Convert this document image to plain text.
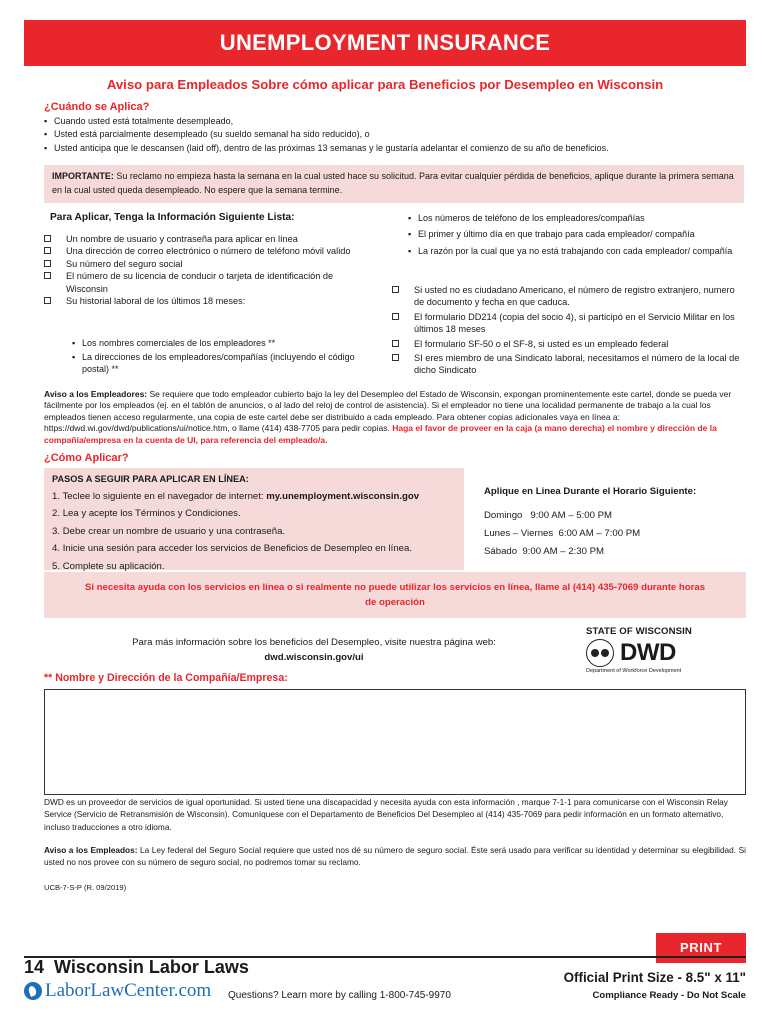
UNEMPLOYMENT INSURANCE
Aviso para Empleados Sobre cómo aplicar para Beneficios por Desempleo en Wisconsin
¿Cuándo se Aplica?
▪ Cuando usted está totalmente desempleado,
▪ Usted está parcialmente desempleado (su sueldo semanal ha sido reducido), o
▪ Usted anticipa que le descansen (laid off), dentro de las próximas 13 semanas y le gustaría adelantar el comienzo de su año de beneficios.
IMPORTANTE: Su reclamo no empieza hasta la semana en la cual usted hace su solicitud. Para evitar cualquier pérdida de beneficios, aplique durante la primera semana en la cual usted queda desempleado. No espere que la semana termine.
Para Aplicar, Tenga la Información Siguiente Lista:
Un nombre de usuario y contraseña para aplicar en línea
Una dirección de correo electrónico o número de teléfono móvil valido
Su número del seguro social
El número de su licencia de conducir o tarjeta de identificación de Wisconsin
Su historial laboral de los últimos 18 meses:
▪ Los nombres comerciales de los empleadores **
▪ La direcciones de los empleadores/compañías (incluyendo el código postal) **
▪ Los números de teléfono de los empleadores/compañías
▪ El primer y último día en que trabajo para cada empleador/ compañía
▪ La razón por la cual que ya no está trabajando con cada empleador/ compañía
Si usted no es ciudadano Americano, el número de registro extranjero, numero de documento y fecha en que caduca.
El formulario DD214 (copia del socio 4), si participó en el Servicio Militar en los últimos 18 meses
El formulario SF-50 o el SF-8, si usted es un empleado federal
SI eres miembro de una Sindicato laboral, necesitamos el número de la local de dicho Sindicato
Aviso a los Empleadores: Se requiere que todo empleador cubierto bajo la ley del Desempleo del Estado de Wisconsin, expongan prominentemente este cartel, donde se pueda ver fácilmente por los empleados (ej. en el tablón de anuncios, o al lado del reloj de control de asistencia). Si el empleador no tiene una localidad permanente de trabajo a la cual los empleados tienen acceso regularmente, una copia de este cartel debe ser distribuido a cada empleado. Para obtener copias adicionales vaya en línea a: https://dwd.wi.gov/dwd/publications/ui/notice.htm, o llame (414) 438-7705 para pedir copias. Haga el favor de proveer en la caja (a mano derecha) el nombre y dirección de la compañía/empresa en la cuenta de UI, para referencia del empleado/a.
¿Cómo Aplicar?
PASOS A SEGUIR PARA APLICAR EN LÍNEA:
1. Teclee lo siguiente en el navegador de internet: my.unemployment.wisconsin.gov
2. Lea y acepte los Términos y Condiciones.
3. Debe crear un nombre de usuario y una contraseña.
4. Inicie una sesión para acceder los servicios de Beneficios de Desempleo en línea.
5. Complete su aplicación.
Aplique en Linea Durante el Horario Siguiente:
Domingo   9:00 AM – 5:00 PM
Lunes – Viernes  6:00 AM – 7:00 PM
Sábado  9:00 AM – 2:30 PM
Si necesita ayuda con los servicios en línea o si realmente no puede utilizar los servicios en línea, llame al (414) 435-7069 durante horas de operación
Para más información sobre los beneficios del Desempleo, visite nuestra página web:
dwd.wisconsin.gov/ui
STATE OF WISCONSIN
DWD
Department of Workforce Development
** Nombre y Dirección de la Compañía/Empresa:
DWD es un proveedor de servicios de igual oportunidad. Si usted tiene una discapacidad y necesita ayuda con esta información , marque 7-1-1 para comunicarse con el Wisconsin Relay Service (Servicio de Retransmisión de Wisconsin). Comuníquese con el Departamento de Beneficios Del Desempleo al (414) 435-7069 para pedir información en un formato alternativo, incluso traducciones a otro idioma.
Aviso a los Empleados: La Ley federal del Seguro Social requiere que usted nos dé su número de seguro social. Éste será usado para verificar su identidad y determinar su elegibilidad. Si usted no nos provee con su número de seguro social, no podremos tomar su reclamo.
UCB-7-S-P (R. 09/2019)
PRINT
14  Wisconsin Labor Laws
LaborLawCenter.com Questions? Learn more by calling 1-800-745-9970
Official Print Size - 8.5" x 11"
Compliance Ready - Do Not Scale
